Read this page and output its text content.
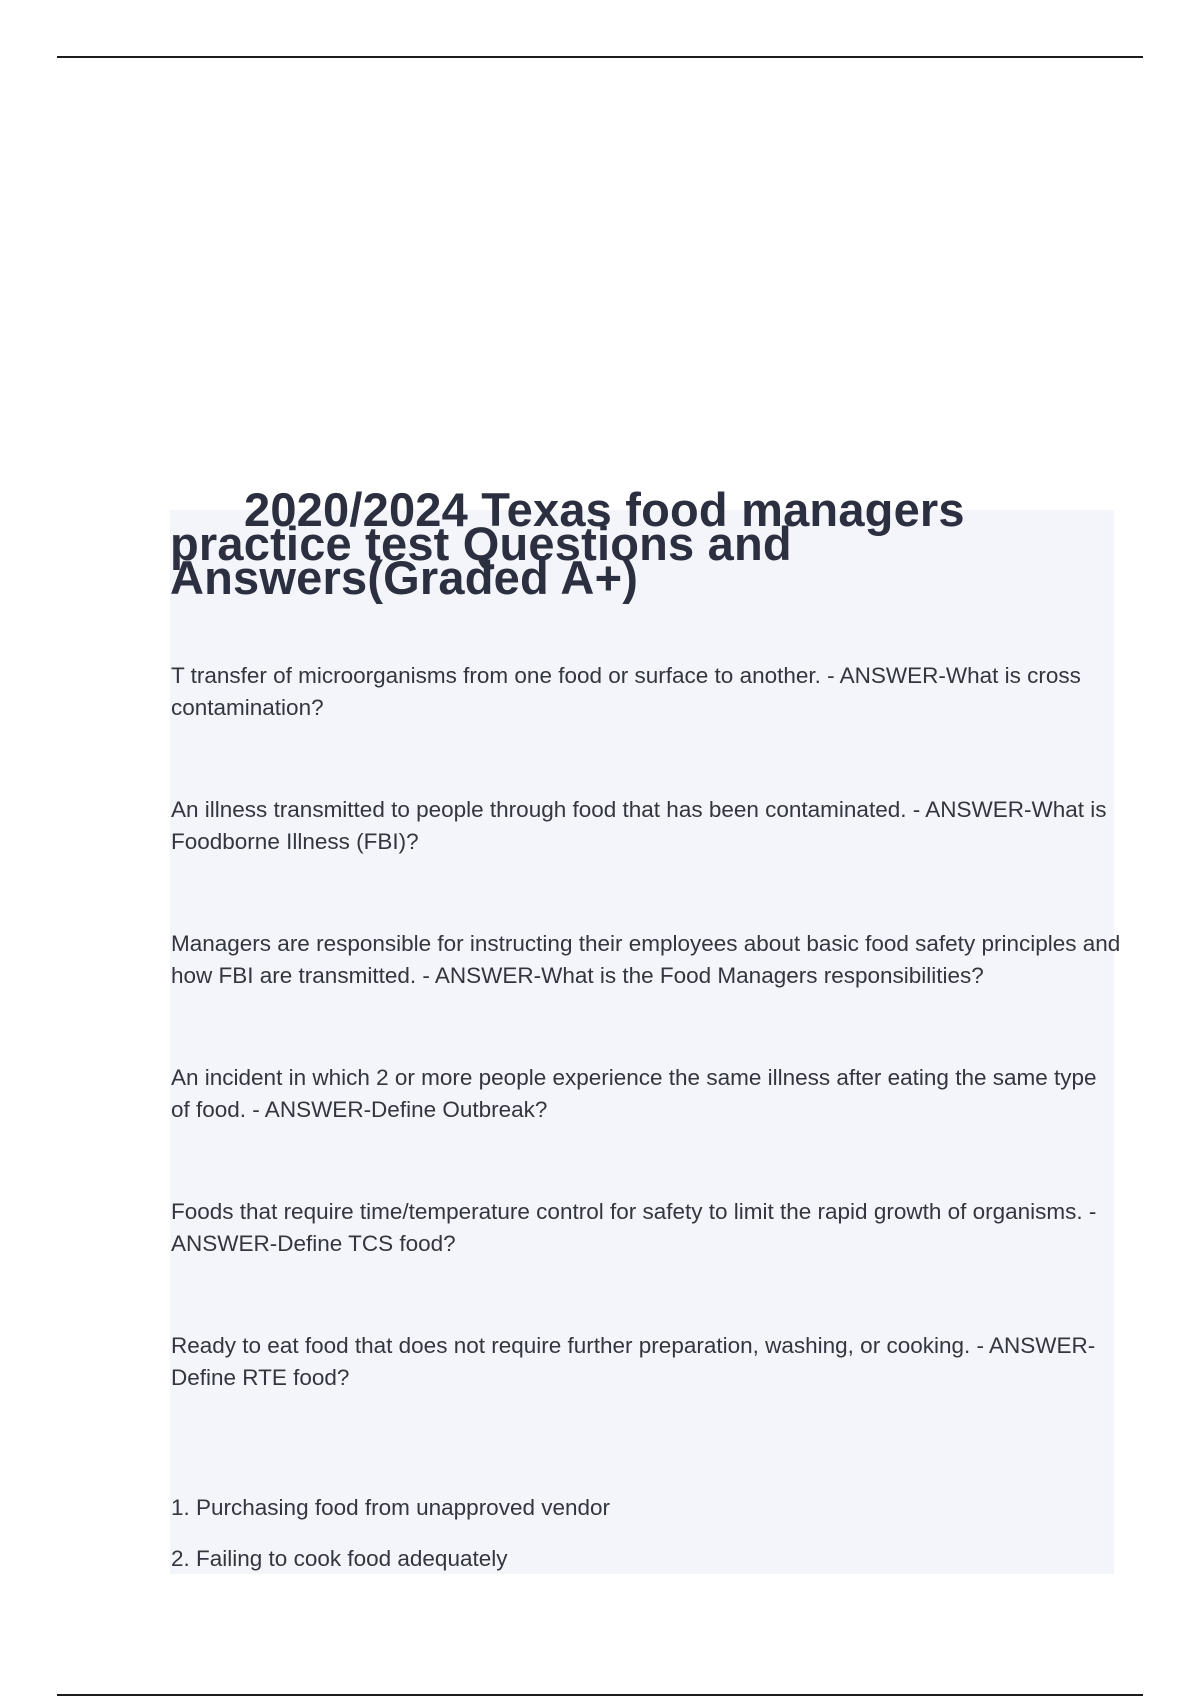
2020/2024 Texas food managers practice test Questions and Answers(Graded A+)
T transfer of microorganisms from one food or surface to another. - ANSWER-What is cross contamination?
An illness transmitted to people through food that has been contaminated. - ANSWER-What is Foodborne Illness (FBI)?
Managers are responsible for instructing their employees about basic food safety principles and how FBI are transmitted. - ANSWER-What is the Food Managers responsibilities?
An incident in which 2 or more people experience the same illness after eating the same type of food. - ANSWER-Define Outbreak?
Foods that require time/temperature control for safety to limit the rapid growth of organisms. - ANSWER-Define TCS food?
Ready to eat food that does not require further preparation, washing, or cooking. - ANSWER-Define RTE food?
1. Purchasing food from unapproved vendor
2. Failing to cook food adequately
